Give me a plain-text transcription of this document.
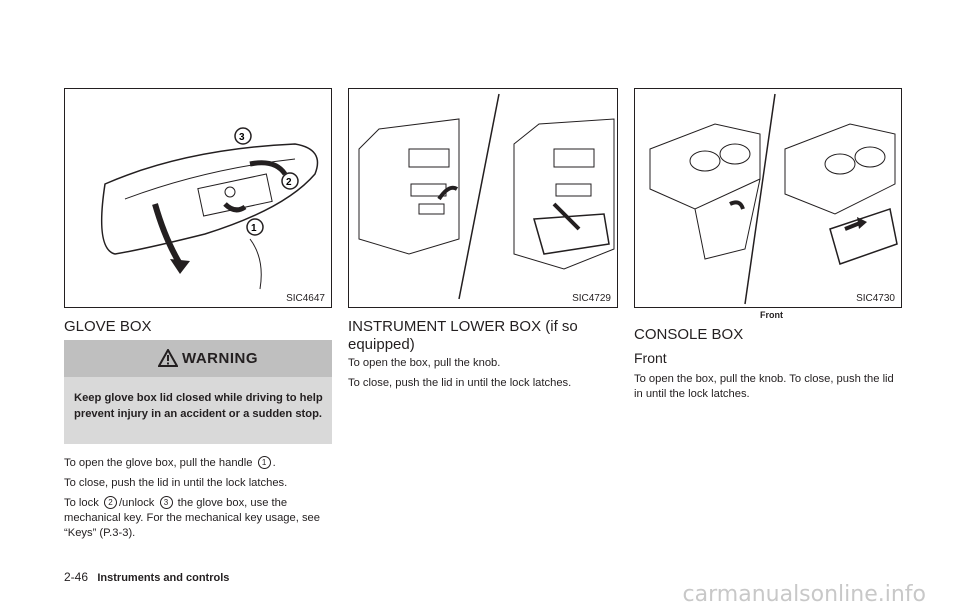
3
2
1
SIC4647	SIC4729	SIC4730
Front
GLOVE BOX
WARNING
Keep glove box lid closed while driving to help prevent injury in an accident or a sudden stop.

To open the glove box, pull the handle 1 .

To close, push the lid in until the lock latches.

To lock 2 /unlock 3 the glove box, use the mechanical key. For the mechanical key usage, see “Keys” (P.3-3).

INSTRUMENT LOWER BOX (if so
equipped)

To open the box, pull the knob.

To close, push the lid in until the lock latches.

CONSOLE BOX
Front

To open the box, pull the knob. To close, push the lid in until the lock latches.

2-46 Instruments and controls
carmanualsonline.info
